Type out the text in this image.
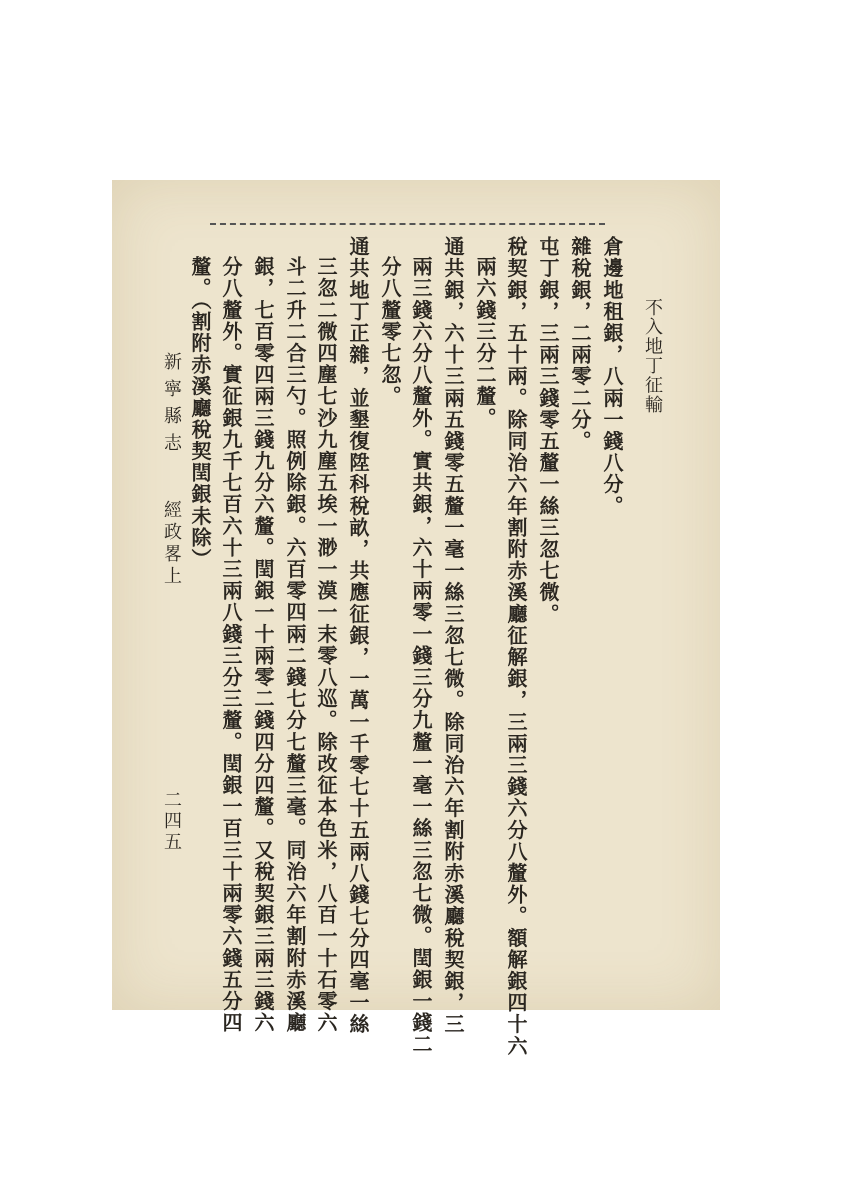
不入地丁征輸
倉邊地租銀，八兩一錢八分。
雜稅銀，二兩零二分。
屯丁銀，三兩三錢零五釐一絲三忽七微。
稅契銀，五十兩。除同治六年割附赤溪廳征解銀，三兩三錢六分八釐外。額解銀四十六
兩六錢三分二釐。
通共銀，六十三兩五錢零五釐一毫一絲三忽七微。除同治六年割附赤溪廳稅契銀，三
兩三錢六分八釐外。實共銀，六十兩零一錢三分九釐一毫一絲三忽七微。閏銀一錢二
分八釐零七忽。
通共地丁正雜，並墾復陞科稅畝，共應征銀，一萬一千零七十五兩八錢七分四毫一絲
三忽二微四塵七沙九塵五埃一渺一漠一末零八巡。除改征本色米，八百一十石零六
斗二升二合三勺。照例除銀。六百零四兩二錢七分七釐三毫。同治六年割附赤溪廳
銀，七百零四兩三錢九分六釐。閏銀一十兩零二錢四分四釐。又稅契銀三兩三錢六
分八釐外。實征銀九千七百六十三兩八錢三分三釐。閏銀一百三十兩零六錢五分四
釐。（割附赤溪廳稅契閏銀未除）
新寧縣志
經政畧上
二四五
